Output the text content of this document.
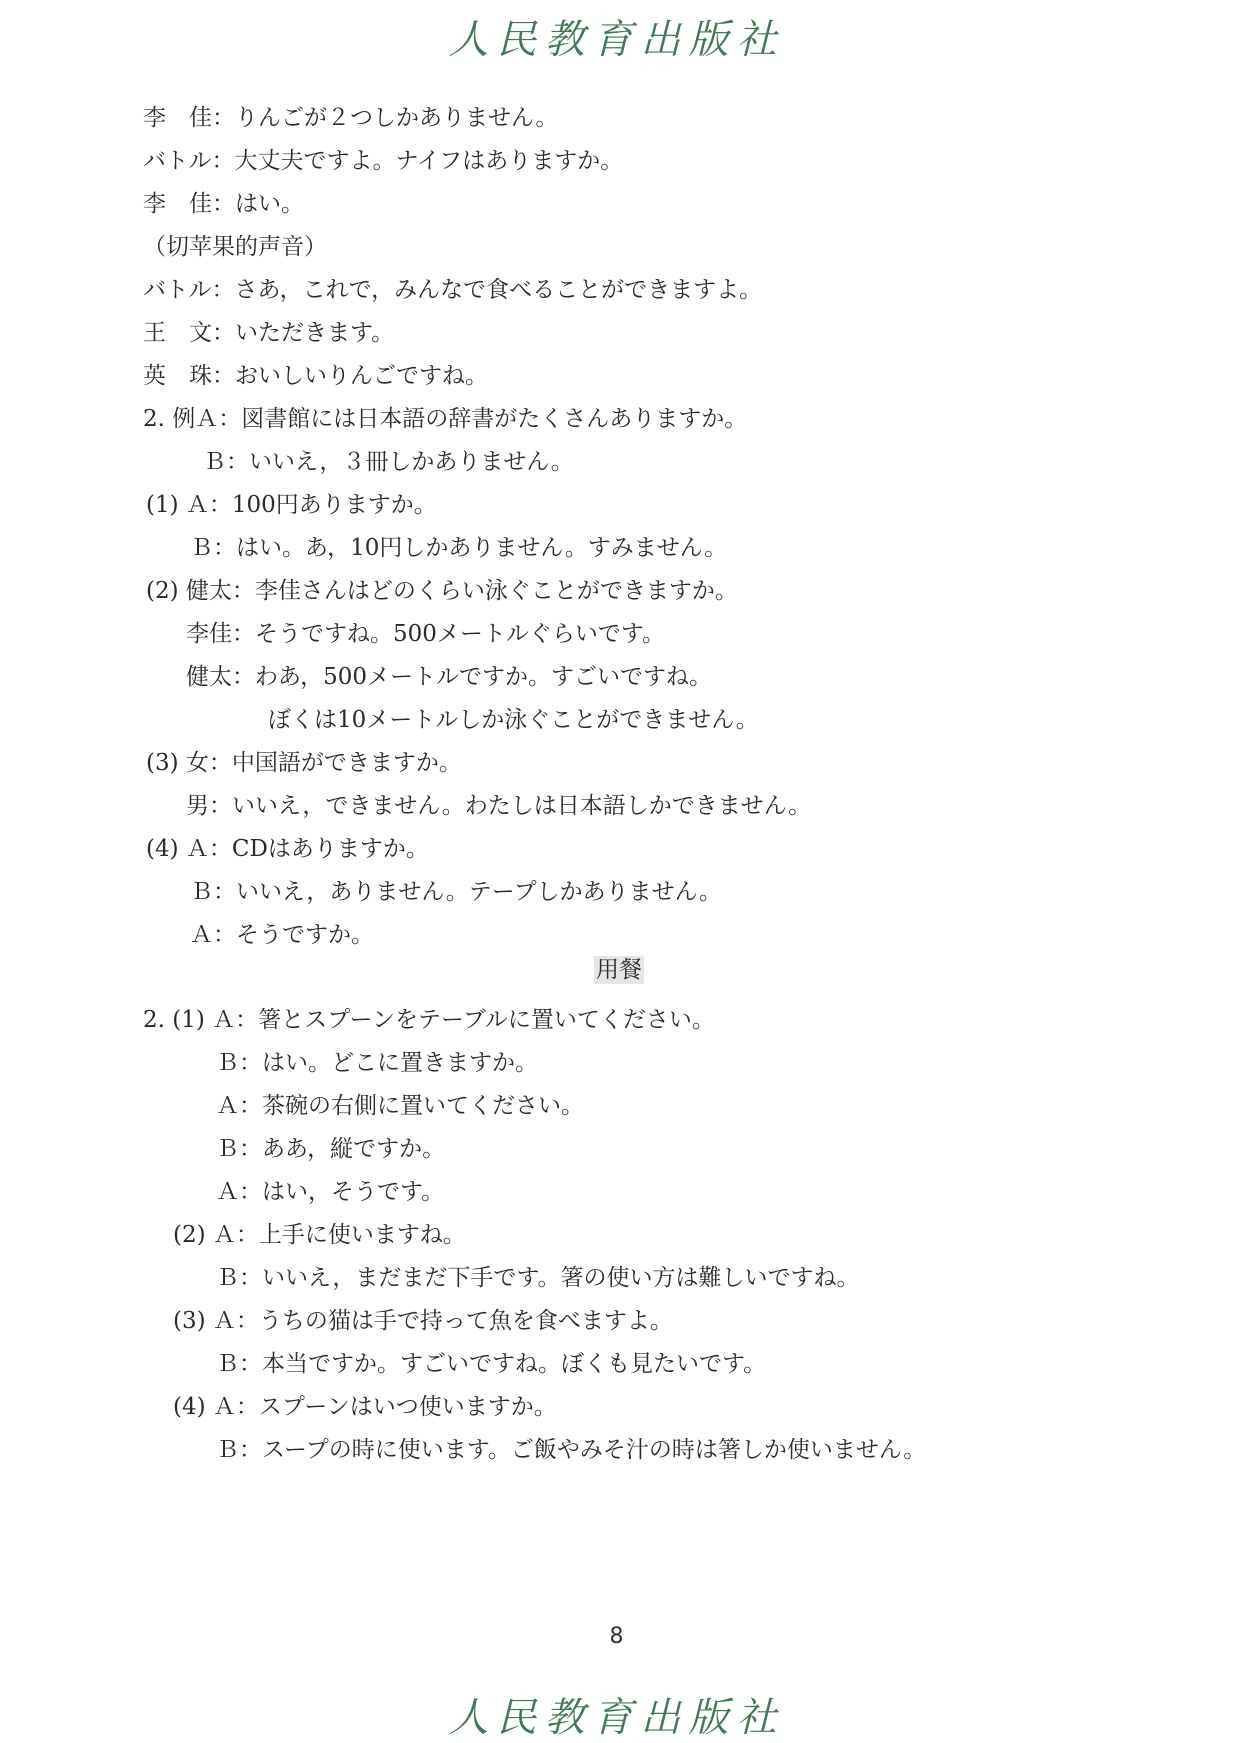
人民教育出版社
李　佳：りんごが２つしかありません。
バトル：大丈夫ですよ。ナイフはありますか。
李　佳：はい。
（切苹果的声音）
バトル：さあ，これで，みんなで食べることができますよ。
王　文：いただきます。
英　珠：おいしいりんごですね。
2. 例Ａ：図書館には日本語の辞書がたくさんありますか。
Ｂ：いいえ，３冊しかありません。
(1) Ａ：100円ありますか。
Ｂ：はい。あ，10円しかありません。すみません。
(2) 健太：李佳さんはどのくらい泳ぐことができますか。
李佳：そうですね。500メートルぐらいです。
健太：わあ，500メートルですか。すごいですね。
ぼくは10メートルしか泳ぐことができません。
(3) 女：中国語ができますか。
男：いいえ，できません。わたしは日本語しかできません。
(4) Ａ：CDはありますか。
Ｂ：いいえ，ありません。テープしかありません。
Ａ：そうですか。
用餐
2. (1) Ａ：箸とスプーンをテーブルに置いてください。
Ｂ：はい。どこに置きますか。
Ａ：茶碗の右側に置いてください。
Ｂ：ああ，縦ですか。
Ａ：はい，そうです。
(2) Ａ：上手に使いますね。
Ｂ：いいえ，まだまだ下手です。箸の使い方は難しいですね。
(3) Ａ：うちの猫は手で持って魚を食べますよ。
Ｂ：本当ですか。すごいですね。ぼくも見たいです。
(4) Ａ：スプーンはいつ使いますか。
Ｂ：スープの時に使います。ご飯やみそ汁の時は箸しか使いません。
8
人民教育出版社
